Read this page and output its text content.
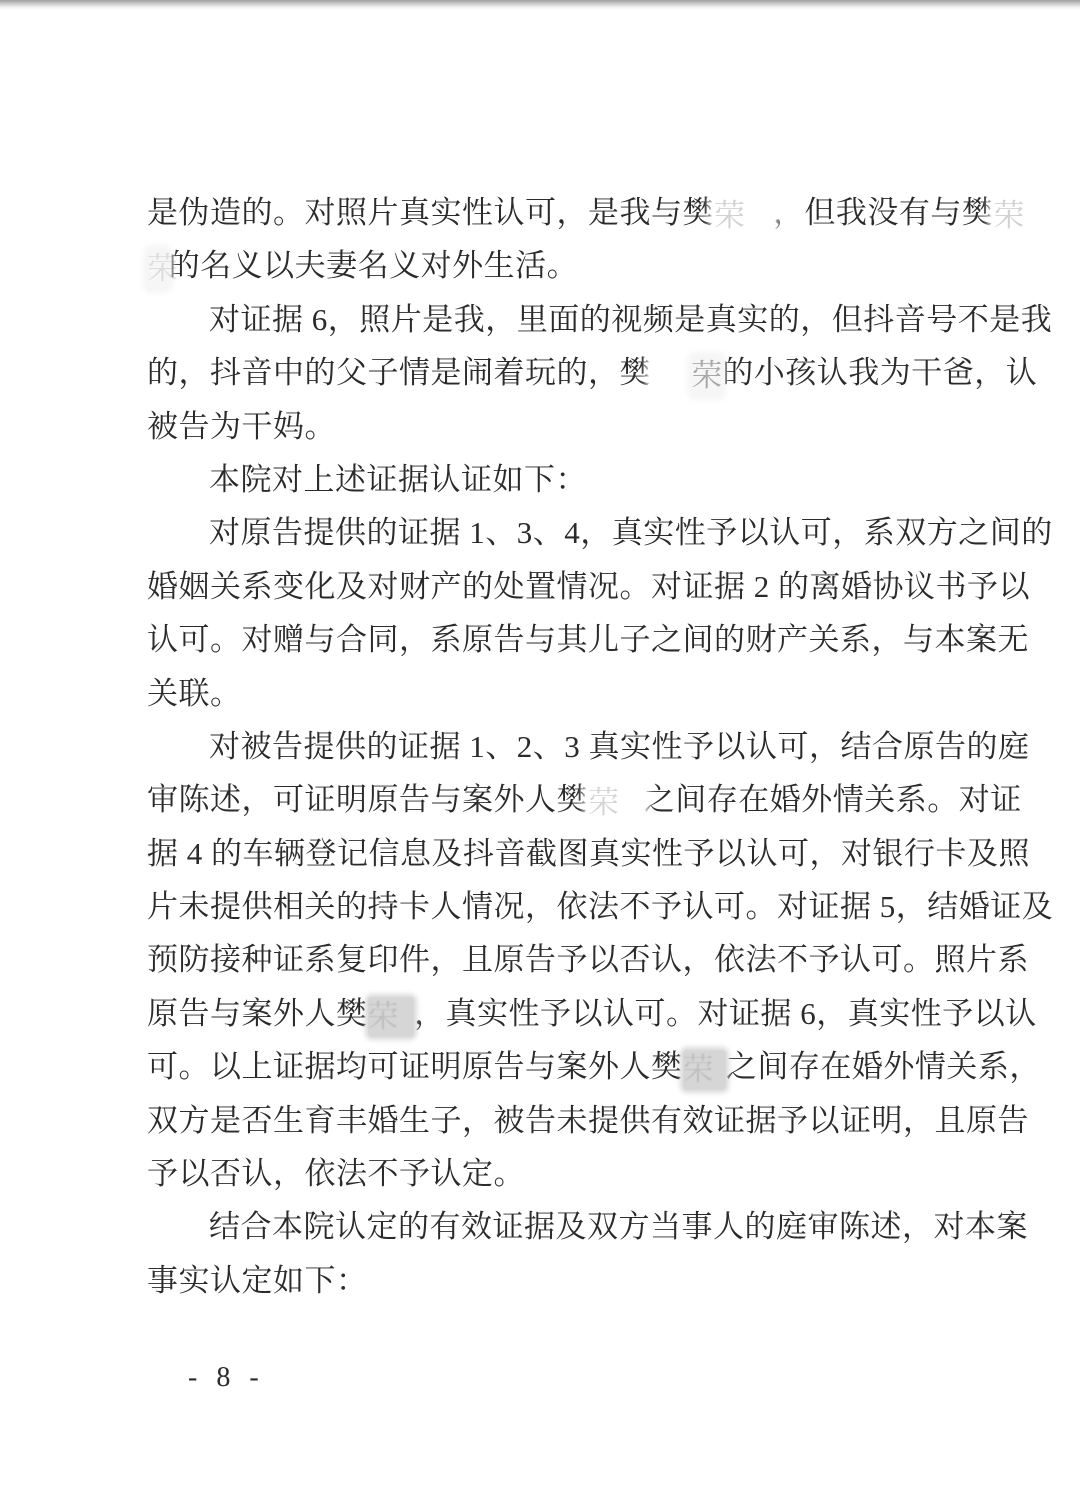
是伪造的。对照片真实性认可，是我与樊 荣 ，但我没有与樊 荣
荣
的名义以夫妻名义对外生活。
对证据 6，照片是我，里面的视频是真实的，但抖音号不是我
的，抖音中的父子情是闹着玩的，樊 荣 的小孩认我为干爸，认
被告为干妈。
本院对上述证据认证如下：
对原告提供的证据 1、3、4，真实性予以认可，系双方之间的
婚姻关系变化及对财产的处置情况。对证据 2 的离婚协议书予以
认可。对赠与合同，系原告与其儿子之间的财产关系，与本案无
关联。
对被告提供的证据 1、2、3 真实性予以认可，结合原告的庭
审陈述，可证明原告与案外人樊 荣 之间存在婚外情关系。对证
据 4 的车辆登记信息及抖音截图真实性予以认可，对银行卡及照
片未提供相关的持卡人情况，依法不予认可。对证据 5，结婚证及
预防接种证系复印件，且原告予以否认，依法不予认可。照片系
原告与案外人樊 荣 ，真实性予以认可。对证据 6，真实性予以认
可。以上证据均可证明原告与案外人樊 荣 之间存在婚外情关系，
双方是否生育丰婚生子，被告未提供有效证据予以证明，且原告
予以否认，依法不予认定。
结合本院认定的有效证据及双方当事人的庭审陈述，对本案
事实认定如下：
- 8 -
